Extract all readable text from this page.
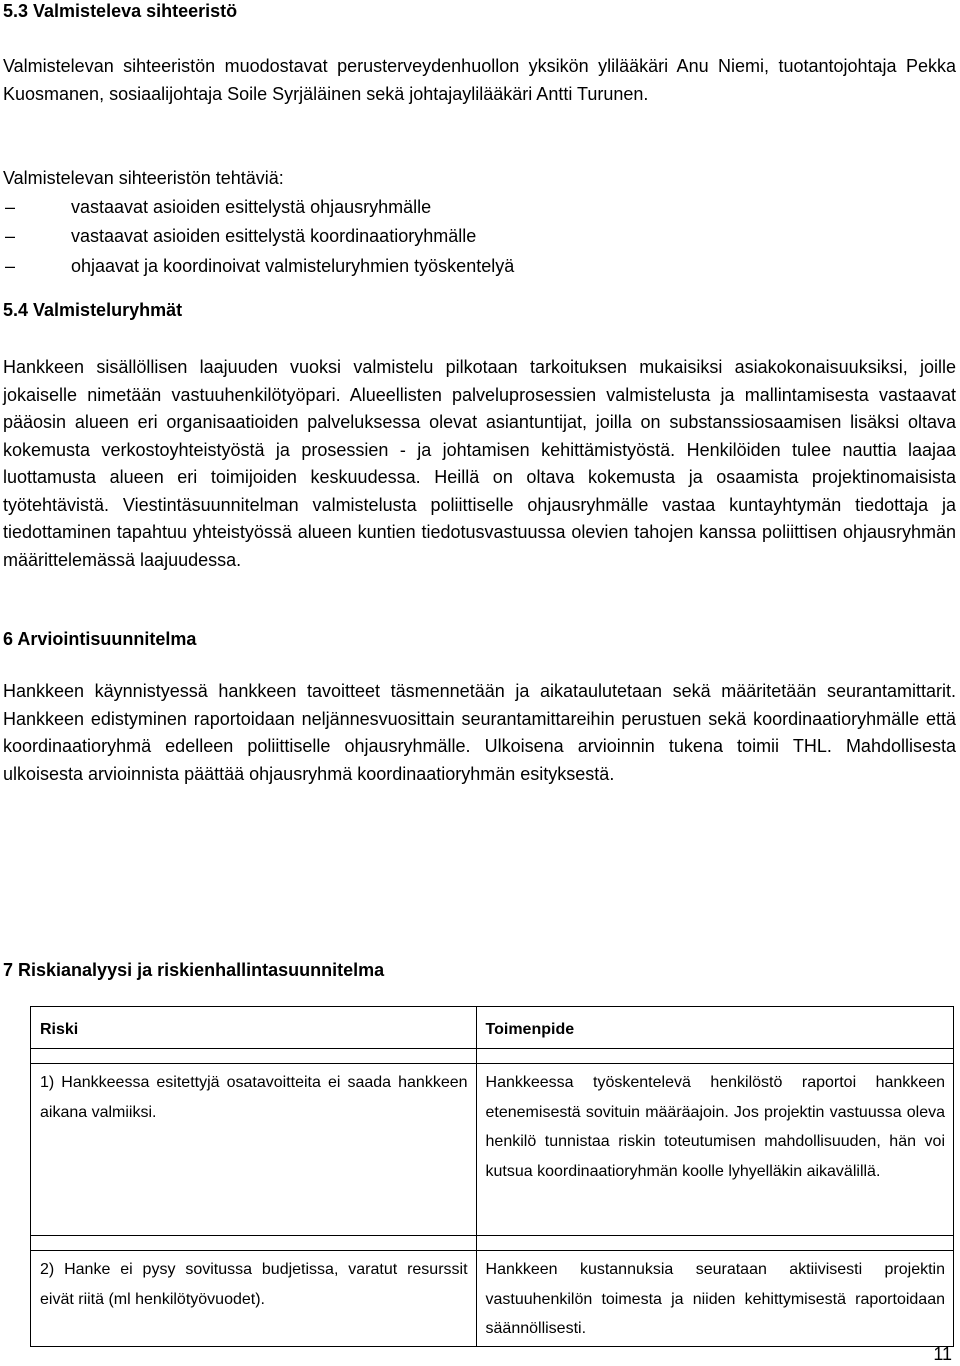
5.3 Valmisteleva sihteeristö

Valmistelevan sihteeristön muodostavat perusterveydenhuollon yksikön ylilääkäri Anu Niemi, tuotantojohtaja Pekka Kuosmanen, sosiaalijohtaja Soile Syrjäläinen sekä johtajaylilääkäri Antti Turunen.

Valmistelevan sihteeristön tehtäviä:

–	vastaavat asioiden esittelystä ohjausryhmälle
–	vastaavat asioiden esittelystä koordinaatioryhmälle
–	ohjaavat ja koordinoivat valmisteluryhmien työskentelyä
5.4 Valmisteluryhmät

Hankkeen sisällöllisen laajuuden vuoksi valmistelu pilkotaan tarkoituksen mukaisiksi asiakokonaisuuksiksi, joille jokaiselle nimetään vastuuhenkilötyöpari. Alueellisten palveluprosessien valmistelusta ja mallintamisesta vastaavat pääosin alueen eri organisaatioiden palveluksessa olevat asiantuntijat, joilla on substanssiosaamisen lisäksi oltava kokemusta verkostoyhteistyöstä ja prosessien - ja johtamisen kehittämistyöstä. Henkilöiden tulee nauttia laajaa luottamusta alueen eri toimijoiden keskuudessa. Heillä on oltava kokemusta ja osaamista projektinomaisista työtehtävistä. Viestintäsuunnitelman valmistelusta poliittiselle ohjausryhmälle vastaa kuntayhtymän tiedottaja ja tiedottaminen tapahtuu yhteistyössä alueen kuntien tiedotusvastuussa olevien tahojen kanssa poliittisen ohjausryhmän määrittelemässä laajuudessa.

6 Arviointisuunnitelma

Hankkeen käynnistyessä hankkeen tavoitteet täsmennetään ja aikataulutetaan sekä määritetään seurantamittarit. Hankkeen edistyminen raportoidaan neljännesvuosittain seurantamittareihin perustuen sekä koordinaatioryhmälle että koordinaatioryhmä edelleen poliittiselle ohjausryhmälle. Ulkoisena arvioinnin tukena toimii THL. Mahdollisesta ulkoisesta arvioinnista päättää ohjausryhmä koordinaatioryhmän esityksestä.

7 Riskianalyysi ja riskienhallintasuunnitelma
Riski	Toimenpide

1) Hankkeessa esitettyjä osatavoitteita ei saada hankkeen aikana valmiiksi.	Hankkeessa työskentelevä henkilöstö raportoi hankkeen etenemisestä sovituin määräajoin. Jos projektin vastuussa oleva henkilö tunnistaa riskin toteutumisen mahdollisuuden, hän voi kutsua koordinaatioryhmän koolle lyhyelläkin aikavälillä.

2) Hanke ei pysy sovitussa budjetissa, varatut resurssit eivät riitä (ml henkilötyövuodet).	Hankkeen kustannuksia seurataan aktiivisesti projektin vastuuhenkilön toimesta ja niiden kehittymisestä raportoidaan säännöllisesti.
11
